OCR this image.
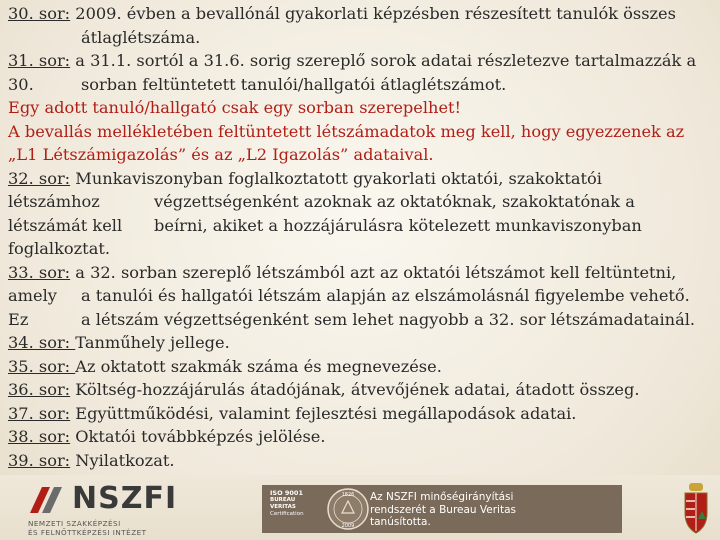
30. sor: 2009. évben a bevallónál gyakorlati képzésben részesített tanulók összes
átlaglétszáma.

31. sor: a 31.1. sortól a 31.6. sorig szereplő sorok adatai részletezve tartalmazzák a
30.	sorban feltüntetett tanulói/hallgatói átlaglétszámot.
Egy adott tanuló/hallgató csak egy sorban szerepelhet!
A bevallás mellékletében feltüntetett létszámadatok meg kell, hogy egyezzenek az
„L1 Létszámigazolás” és az „L2 Igazolás” adataival.
32. sor: Munkaviszonyban foglalkoztatott gyakorlati oktatói, szakoktatói
létszámhoz	végzettségenként azoknak az oktatóknak, szakoktatónak a
létszámát kell beírni, akiket a hozzájárulásra kötelezett munkaviszonyban
foglalkoztat.
33. sor: a 32. sorban szereplő létszámból azt az oktatói létszámot kell feltüntetni,
amely a tanulói és hallgatói létszám alapján az elszámolásnál figyelembe vehető.
Ez	a létszám végzettségenként sem lehet nagyobb a 32. sor létszámadatainál.
34. sor: Tanműhely jellege.
35. sor: Az oktatott szakmák száma és megnevezése.
36. sor: Költség-hozzájárulás átadójának, átvevőjének adatai, átadott összeg.
37. sor: Együttműködési, valamint fejlesztési megállapodások adatai.
38. sor: Oktatói továbbképzés jelölése.
39. sor: Nyilatkozat.
NSZFI
NEMZETI SZAKKÉPZÉSI
ÉS FELNŐTTKÉPZÉSI INTÉZET
ISO 9001
BUREAU VERITAS
Certification
1826
2009
Az NSZFI minőségirányítási
rendszerét a Bureau Veritas
tanúsította.
